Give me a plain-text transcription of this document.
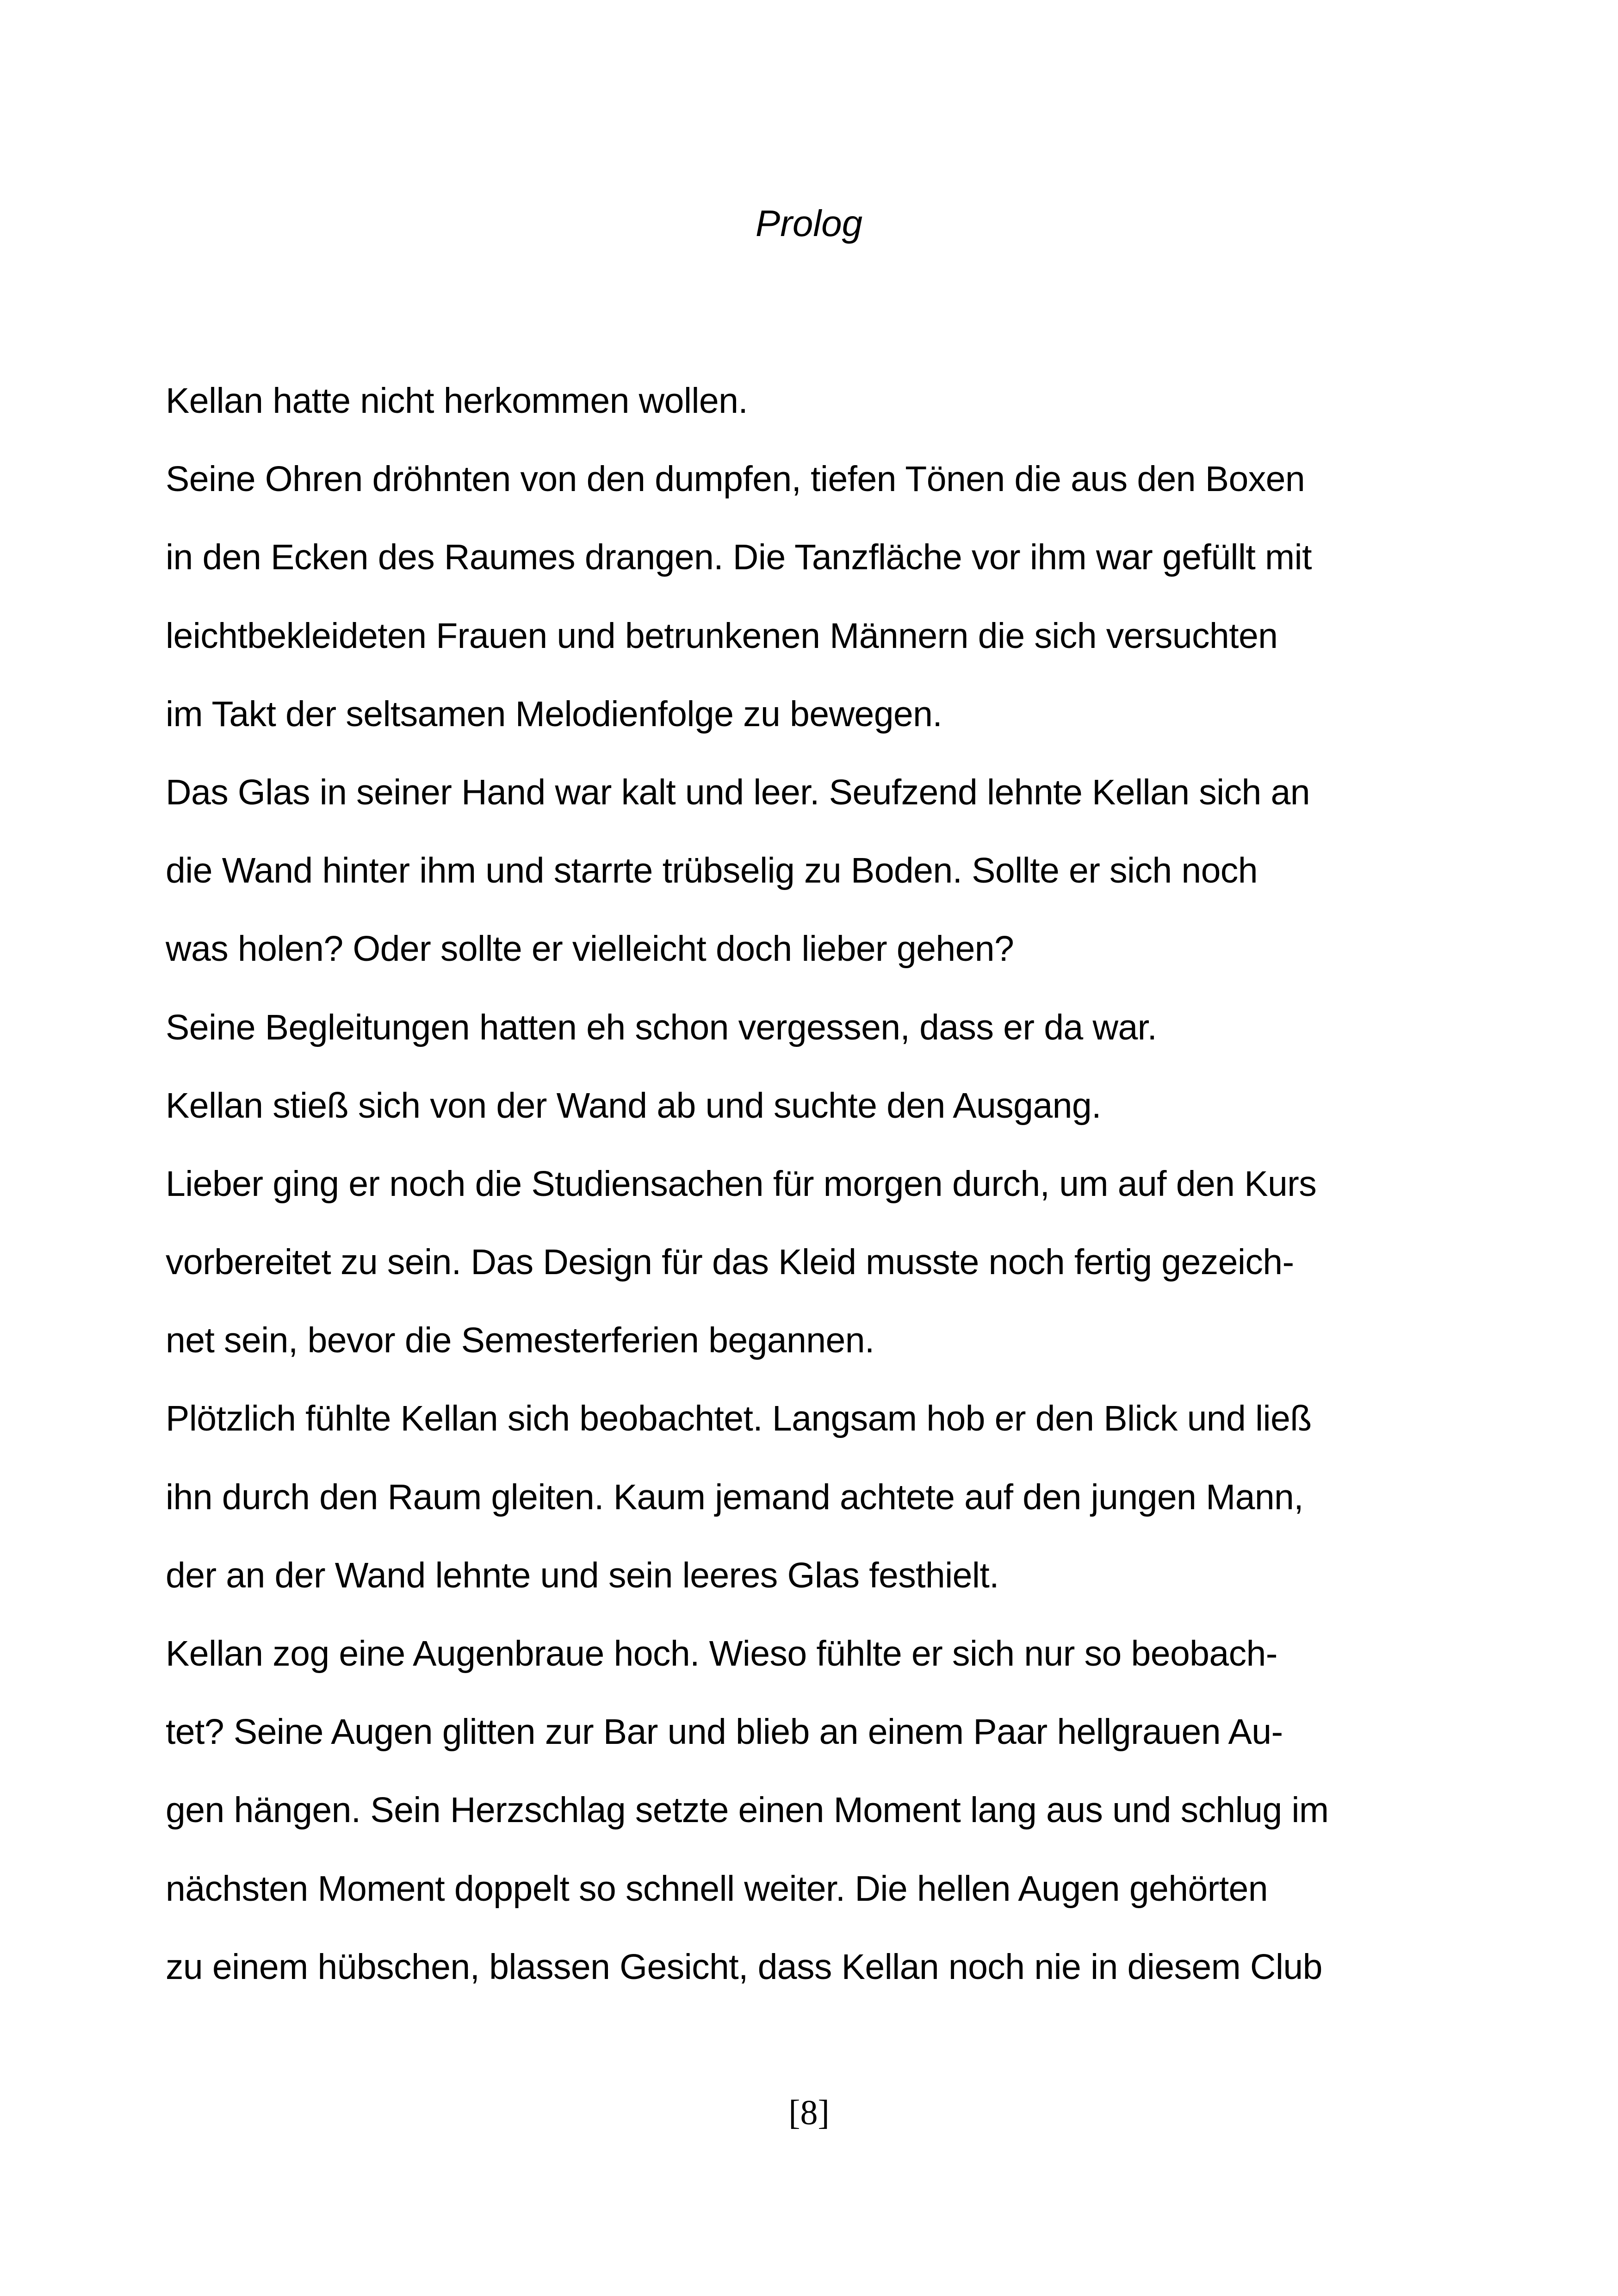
Prolog
Kellan hatte nicht herkommen wollen.
Seine Ohren dröhnten von den dumpfen, tiefen Tönen die aus den Boxen
in den Ecken des Raumes drangen. Die Tanzfläche vor ihm war gefüllt mit
leichtbekleideten Frauen und betrunkenen Männern die sich versuchten
im Takt der seltsamen Melodienfolge zu bewegen.
Das Glas in seiner Hand war kalt und leer. Seufzend lehnte Kellan sich an
die Wand hinter ihm und starrte trübselig zu Boden. Sollte er sich noch
was holen? Oder sollte er vielleicht doch lieber gehen?
Seine Begleitungen hatten eh schon vergessen, dass er da war.
Kellan stieß sich von der Wand ab und suchte den Ausgang.
Lieber ging er noch die Studiensachen für morgen durch, um auf den Kurs
vorbereitet zu sein. Das Design für das Kleid musste noch fertig gezeich-
net sein, bevor die Semesterferien begannen.
Plötzlich fühlte Kellan sich beobachtet. Langsam hob er den Blick und ließ
ihn durch den Raum gleiten. Kaum jemand achtete auf den jungen Mann,
der an der Wand lehnte und sein leeres Glas festhielt.
Kellan zog eine Augenbraue hoch. Wieso fühlte er sich nur so beobach-
tet? Seine Augen glitten zur Bar und blieb an einem Paar hellgrauen Au-
gen hängen. Sein Herzschlag setzte einen Moment lang aus und schlug im
nächsten Moment doppelt so schnell weiter. Die hellen Augen gehörten
zu einem hübschen, blassen Gesicht, dass Kellan noch nie in diesem Club
[8]
